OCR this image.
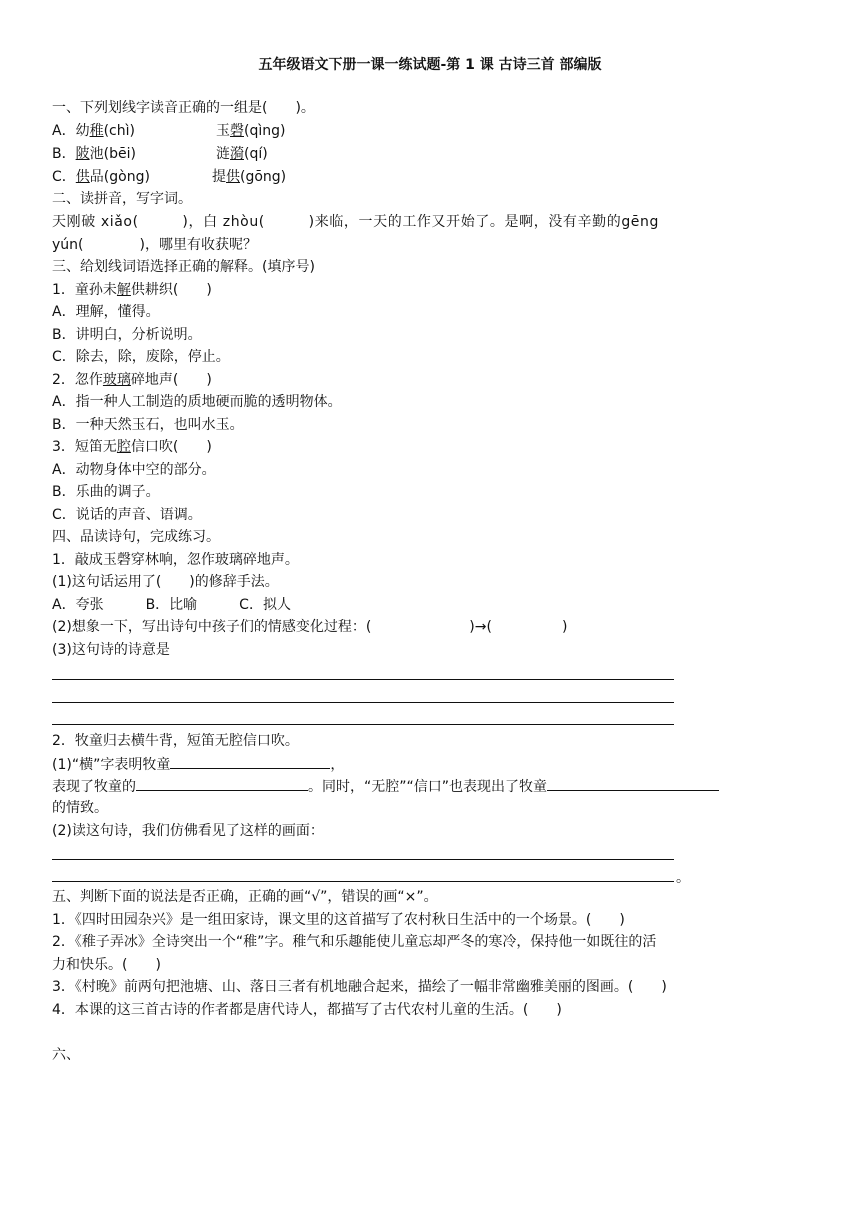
五年级语文下册一课一练试题-第 1 课 古诗三首 部编版
一、下列划线字读音正确的一组是(　　)。
A．幼稚(chì)	玉磬(qìng)
B．陂池(bēi)	涟漪(qí)
C．供品(gòng)	提供(gōng)
二、读拼音，写字词。
天刚破 xiǎo(　　　)，白 zhòu(　　　)来临，一天的工作又开始了。是啊，没有辛勤的gēng
yún(　　　　)，哪里有收获呢？
三、给划线词语选择正确的解释。(填序号)
1．童孙未解供耕织(　　)
A．理解，懂得。
B．讲明白，分析说明。
C．除去，除，废除，停止。
2．忽作玻璃碎地声(　　)
A．指一种人工制造的质地硬而脆的透明物体。
B．一种天然玉石，也叫水玉。
3．短笛无腔信口吹(　　)
A．动物身体中空的部分。
B．乐曲的调子。
C．说话的声音、语调。
四、品读诗句，完成练习。
1．敲成玉磬穿林响，忽作玻璃碎地声。
(1)这句话运用了(　　)的修辞手法。
A．夸张　　　B．比喻　　　C．拟人
(2)想象一下，写出诗句中孩子们的情感变化过程：(　　　　　　　)→(　　　　　)
(3)这句诗的诗意是
2．牧童归去横牛背，短笛无腔信口吹。
(1)“横”字表明牧童	，
表现了牧童的	。同时，“无腔”“信口”也表现出了牧童
的情致。
(2)读这句诗，我们仿佛看见了这样的画面：
。
五、判断下面的说法是否正确，正确的画“√”，错误的画“×”。
1．《四时田园杂兴》是一组田家诗，课文里的这首描写了农村秋日生活中的一个场景。(　　)
2．《稚子弄冰》全诗突出一个“稚”字。稚气和乐趣能使儿童忘却严冬的寒冷，保持他一如既往的活
力和快乐。(　　)
3．《村晚》前两句把池塘、山、落日三者有机地融合起来，描绘了一幅非常幽雅美丽的图画。(　　)
4．本课的这三首古诗的作者都是唐代诗人，都描写了古代农村儿童的生活。(　　)
六、
